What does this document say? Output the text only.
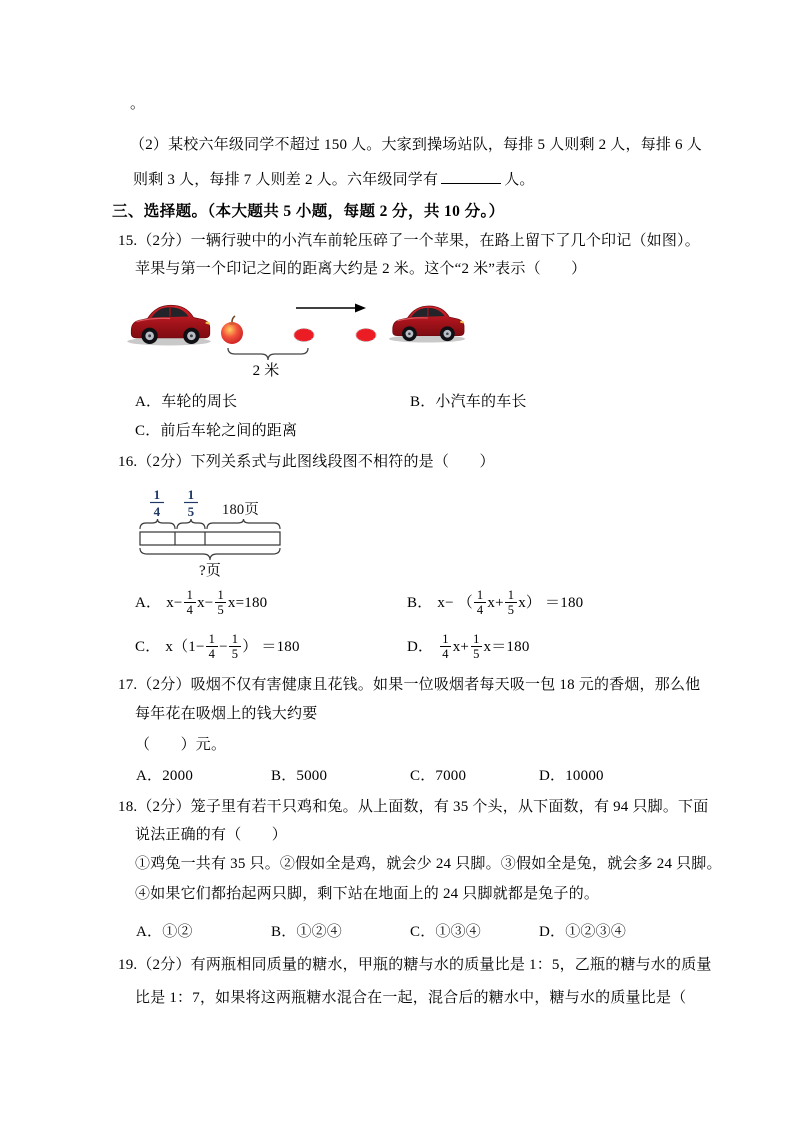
。
（2）某校六年级同学不超过 150 人。大家到操场站队，每排 5 人则剩 2 人，每排 6 人
则剩 3 人，每排 7 人则差 2 人。六年级同学有	人。
三、选择题。（本大题共 5 小题，每题 2 分，共 10 分。）
15.（2分）一辆行驶中的小汽车前轮压碎了一个苹果，在路上留下了几个印记（如图）。
苹果与第一个印记之间的距离大约是 2 米。这个“2 米”表示（　　）
2 米
A．车轮的周长	B．小汽车的车长
C．前后车轮之间的距离
16.（2分）下列关系式与此图线段图不相符的是（　　）
1
4
1
5 180页
?页
A． $x- \frac{1}{4} x- \frac{1}{5} x=180$	B． x− （ $\frac{1}{4} x+ \frac{1}{5} x) =180$
C． $x(1- \frac{1}{4} - \frac{1}{5}$ ） ＝180	D． $\frac{1}{4} x+ \frac{1}{5} x=180$
17.（2分）吸烟不仅有害健康且花钱。如果一位吸烟者每天吸一包 18 元的香烟，那么他
每年花在吸烟上的钱大约要
（　　）元。
A．2000	B．5000	C．7000	D．10000
18.（2分）笼子里有若干只鸡和兔。从上面数，有 35 个头，从下面数，有 94 只脚。下面
说法正确的有（　　）
①鸡兔一共有 35 只。②假如全是鸡，就会少 24 只脚。③假如全是兔，就会多 24 只脚。
④如果它们都抬起两只脚，剩下站在地面上的 24 只脚就都是兔子的。
A．①②	B．①②④	C．①③④	D．①②③④
19.（2分）有两瓶相同质量的糖水，甲瓶的糖与水的质量比是 1：5，乙瓶的糖与水的质量
比是 1：7，如果将这两瓶糖水混合在一起，混合后的糖水中，糖与水的质量比是（
